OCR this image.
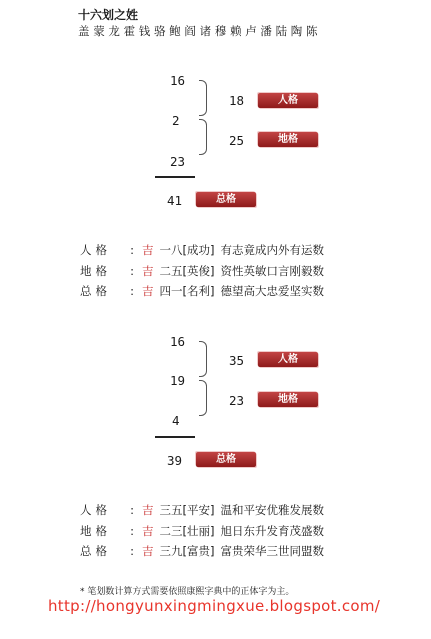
十六划之姓
盖蒙龙霍钱骆鲍阎诸穆赖卢潘陆陶陈
16
2
23
18	人格
25	地格
41	总格
人格 : 吉 一八[成功] 有志竟成内外有运数
地格 : 吉 二五[英俊] 资性英敏口言刚毅数
总格 : 吉 四一[名利] 德望高大忠爱坚实数
16
19
4
35	人格
23	地格
39	总格
人格 : 吉 三五[平安] 温和平安优雅发展数
地格 : 吉 二三[壮丽] 旭日东升发育茂盛数
总格 : 吉 三九[富贵] 富贵荣华三世同盟数
* 笔划数计算方式需要依照康熙字典中的正体字为主。
http://hongyunxingmingxue.blogspot.com/
